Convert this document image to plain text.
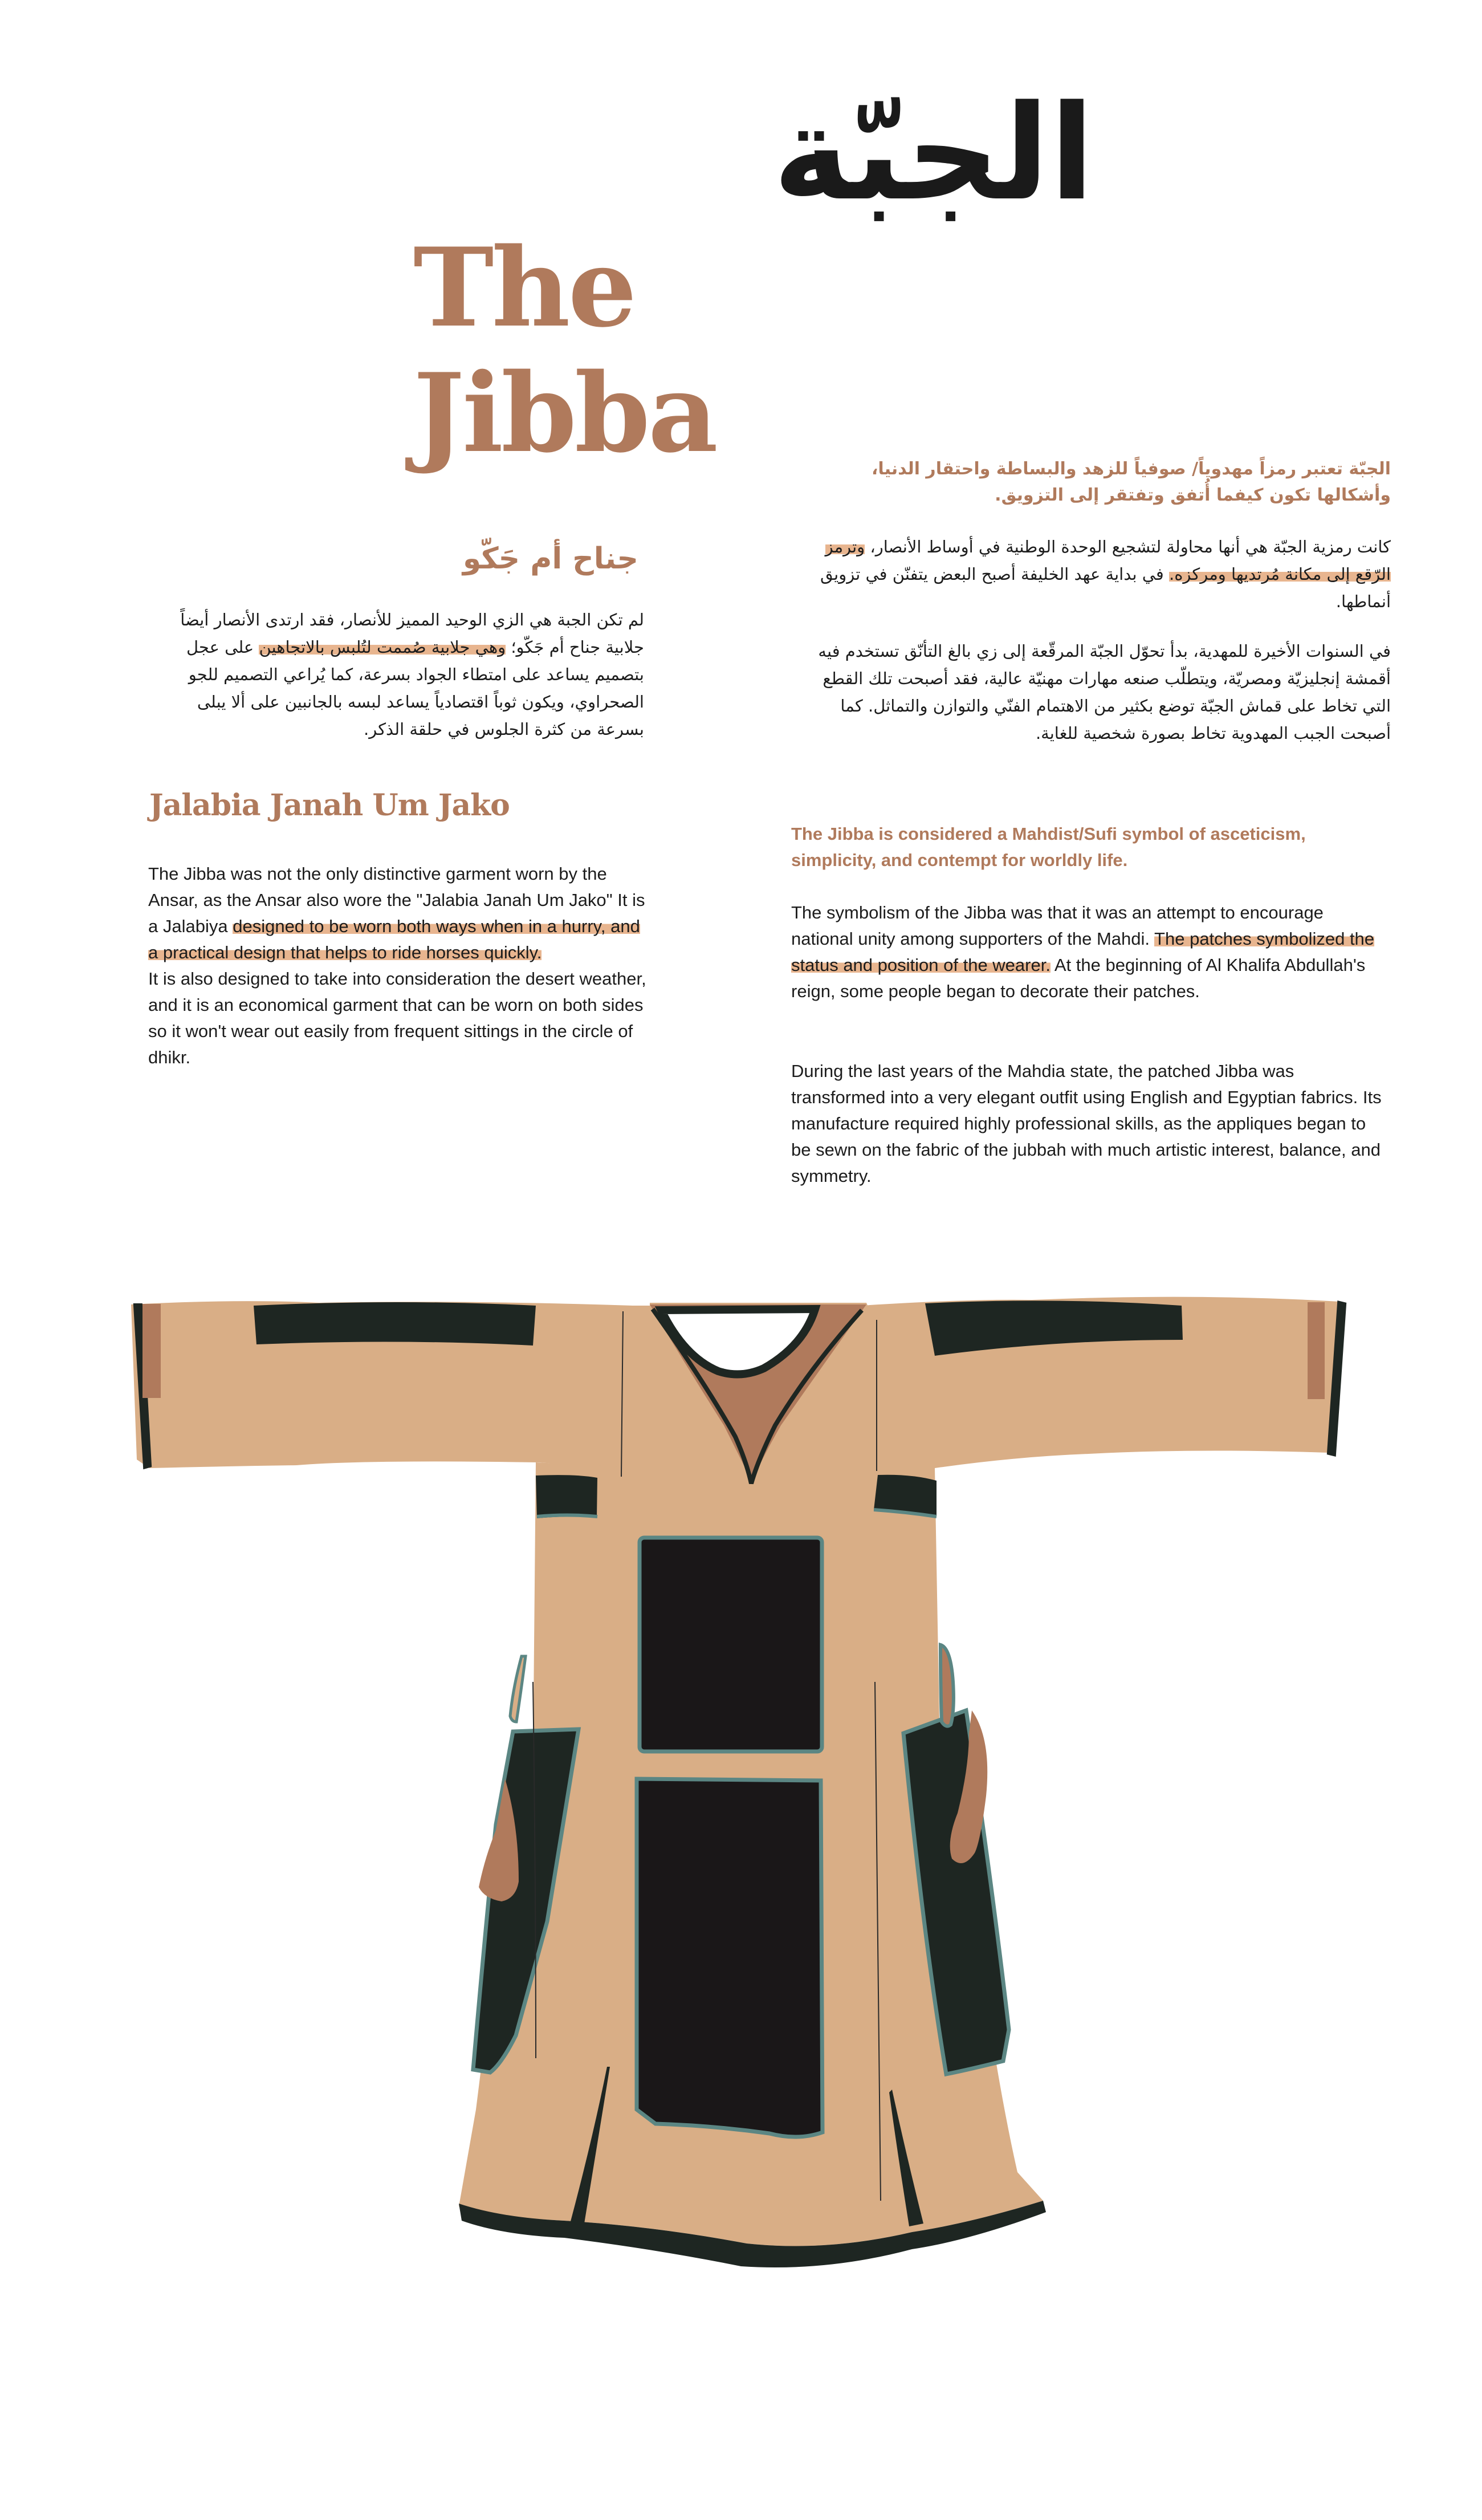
الجبّة
The Jibba	الجبّة تعتبر رمزاً مهدوياً/ صوفياً للزهد والبساطة واحتقار الدنيا، وأشكالها تكون كيفما أُتفق وتفتقر إلى التزويق.
كانت رمزية الجبّة هي أنها محاولة لتشجيع الوحدة الوطنية في أوساط الأنصار، وترمز الرّقع إلى مكانة مُرتديها ومركزه. في بداية عهد الخليفة أصبح البعض يتفنّن في تزويق أنماطها.
في السنوات الأخيرة للمهدية، بدأ تحوّل الجبّة المرقّعة إلى زي بالغ التأنّق تستخدم فيه أقمشة إنجليزيّة ومصريّة، ويتطلّب صنعه مهارات مهنيّة عالية، فقد أصبحت تلك القطع التي تخاط على قماش الجبّة توضع بكثير من الاهتمام الفنّي والتوازن والتماثل. كما أصبحت الجبب المهدوية تخاط بصورة شخصية للغاية.
جناح أم جَكّو
لم تكن الجبة هي الزي الوحيد المميز للأنصار، فقد ارتدى الأنصار أيضاً جلابية جناح أم جَكّو؛ وهي جلابية صُممت لتُلبس بالاتجاهين على عجل بتصميم يساعد على امتطاء الجواد بسرعة، كما يُراعي التصميم للجو الصحراوي، ويكون ثوباً اقتصادياً يساعد لبسه بالجانبين على ألا يبلى بسرعة من كثرة الجلوس في حلقة الذكر.
Jalabia Janah Um Jako
The Jibba was not the only distinctive garment worn by the Ansar, as the Ansar also wore the "Jalabia Janah Um Jako" It is a Jalabiya designed to be worn both ways when in a hurry, and a practical design that helps to ride horses quickly.
It is also designed to take into consideration the desert weather, and it is an economical garment that can be worn on both sides so it won't wear out easily from frequent sittings in the circle of dhikr.
The Jibba is considered a Mahdist/Sufi symbol of asceticism, simplicity, and contempt for worldly life.
The symbolism of the Jibba was that it was an attempt to encourage national unity among supporters of the Mahdi. The patches symbolized the status and position of the wearer. At the beginning of Al Khalifa Abdullah's reign, some people began to decorate their patches.
During the last years of the Mahdia state, the patched Jibba was transformed into a very elegant outfit using English and Egyptian fabrics. Its manufacture required highly professional skills, as the appliques began to be sewn on the fabric of the jubbah with much artistic interest, balance, and symmetry.
